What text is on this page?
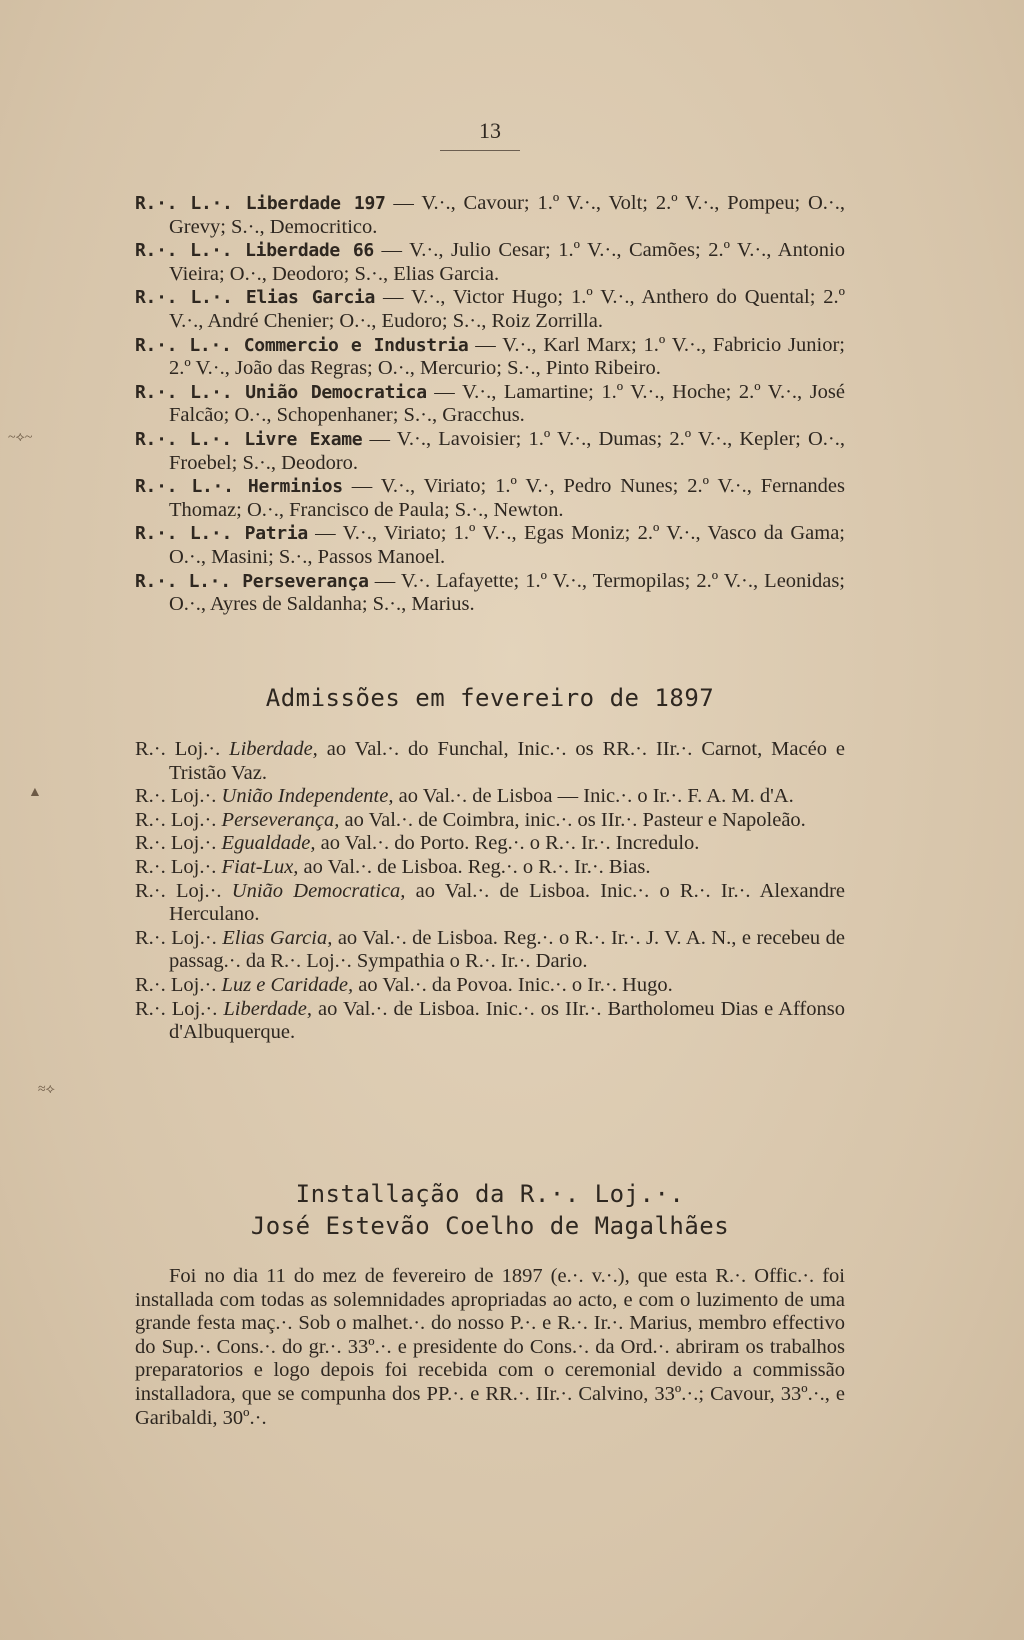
13
~⟡~
▲
≈⟡

R.·. L.·. Liberdade 197 — V.·., Cavour; 1.º V.·., Volt; 2.º V.·., Pompeu; O.·., Grevy; S.·., Democritico.

R.·. L.·. Liberdade 66 — V.·., Julio Cesar; 1.º V.·., Camões; 2.º V.·., Antonio Vieira; O.·., Deodoro; S.·., Elias Garcia.

R.·. L.·. Elias Garcia — V.·., Victor Hugo; 1.º V.·., Anthero do Quental; 2.º V.·., André Chenier; O.·., Eudoro; S.·., Roiz Zorrilla.

R.·. L.·. Commercio e Industria — V.·., Karl Marx; 1.º V.·., Fabricio Junior; 2.º V.·., João das Regras; O.·., Mercurio; S.·., Pinto Ribeiro.

R.·. L.·. União Democratica — V.·., Lamartine; 1.º V.·., Hoche; 2.º V.·., José Falcão; O.·., Schopenhaner; S.·., Gracchus.

R.·. L.·. Livre Exame — V.·., Lavoisier; 1.º V.·., Dumas; 2.º V.·., Kepler; O.·., Froebel; S.·., Deodoro.

R.·. L.·. Herminios — V.·., Viriato; 1.º V.·, Pedro Nunes; 2.º V.·., Fernandes Thomaz; O.·., Francisco de Paula; S.·., Newton.

R.·. L.·. Patria — V.·., Viriato; 1.º V.·., Egas Moniz; 2.º V.·., Vasco da Gama; O.·., Masini; S.·., Passos Manoel.

R.·. L.·. Perseverança — V.·. Lafayette; 1.º V.·., Termopilas; 2.º V.·., Leonidas; O.·., Ayres de Saldanha; S.·., Marius.

Admissões em fevereiro de 1897

R.·. Loj.·. Liberdade, ao Val.·. do Funchal, Inic.·. os RR.·. IIr.·. Carnot, Macéo e Tristão Vaz.

R.·. Loj.·. União Independente, ao Val.·. de Lisboa — Inic.·. o Ir.·. F. A. M. d'A.

R.·. Loj.·. Perseverança, ao Val.·. de Coimbra, inic.·. os IIr.·. Pasteur e Napoleão.

R.·. Loj.·. Egualdade, ao Val.·. do Porto. Reg.·. o R.·. Ir.·. Incredulo.

R.·. Loj.·. Fiat-Lux, ao Val.·. de Lisboa. Reg.·. o R.·. Ir.·. Bias.

R.·. Loj.·. União Democratica, ao Val.·. de Lisboa. Inic.·. o R.·. Ir.·. Alexandre Herculano.

R.·. Loj.·. Elias Garcia, ao Val.·. de Lisboa. Reg.·. o R.·. Ir.·. J. V. A. N., e recebeu de passag.·. da R.·. Loj.·. Sympathia o R.·. Ir.·. Dario.

R.·. Loj.·. Luz e Caridade, ao Val.·. da Povoa. Inic.·. o Ir.·. Hugo.

R.·. Loj.·. Liberdade, ao Val.·. de Lisboa. Inic.·. os IIr.·. Bartholomeu Dias e Affonso d'Albuquerque.

Installação da R.·. Loj.·.
José Estevão Coelho de Magalhães

Foi no dia 11 do mez de fevereiro de 1897 (e.·. v.·.), que esta R.·. Offic.·. foi installada com todas as solemnidades apropriadas ao acto, e com o luzimento de uma grande festa maç.·. Sob o malhet.·. do nosso P.·. e R.·. Ir.·. Marius, membro effectivo do Sup.·. Cons.·. do gr.·. 33º.·. e presidente do Cons.·. da Ord.·. abriram os trabalhos preparatorios e logo depois foi recebida com o ceremonial devido a commissão installadora, que se compunha dos PP.·. e RR.·. IIr.·. Calvino, 33º.·.; Cavour, 33º.·., e Garibaldi, 30º.·.
